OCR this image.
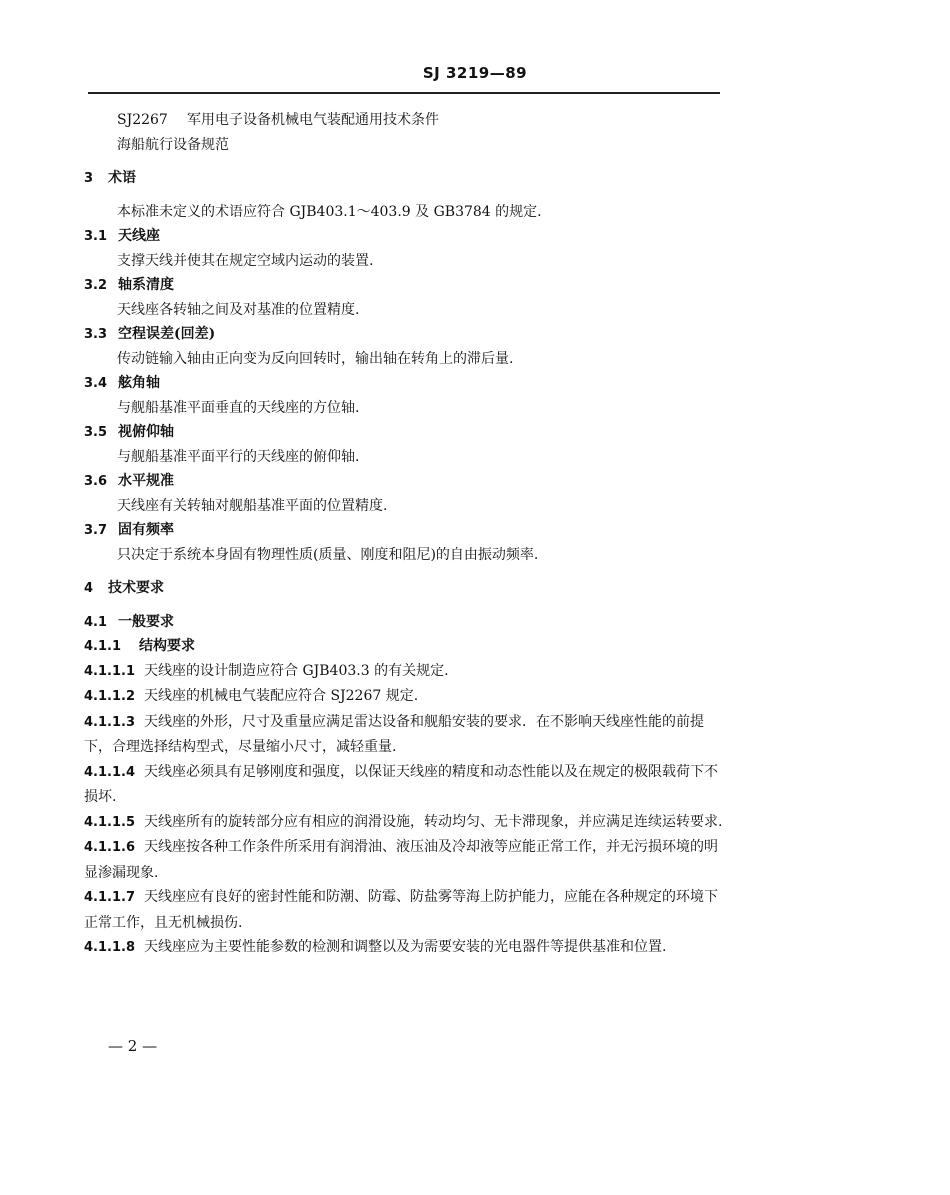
SJ 3219—89
SJ2267 军用电子设备机械电气装配通用技术条件
海船航行设备规范
3 术语
本标准未定义的术语应符合 GJB403.1～403.9 及 GB3784 的规定.
3.1 天线座
支撑天线并使其在规定空域内运动的装置.
3.2 轴系清度
天线座各转轴之间及对基准的位置精度.
3.3 空程误差(回差)
传动链输入轴由正向变为反向回转时，输出轴在转角上的滞后量.
3.4 舷角轴
与舰船基准平面垂直的天线座的方位轴.
3.5 视俯仰轴
与舰船基准平面平行的天线座的俯仰轴.
3.6 水平规准
天线座有关转轴对舰船基准平面的位置精度.
3.7 固有频率
只决定于系统本身固有物理性质(质量、刚度和阻尼)的自由振动频率.
4 技术要求
4.1 一般要求
4.1.1 结构要求
4.1.1.1 天线座的设计制造应符合 GJB403.3 的有关规定.
4.1.1.2 天线座的机械电气装配应符合 SJ2267 规定.
4.1.1.3 天线座的外形，尺寸及重量应满足雷达设备和舰船安装的要求．在不影响天线座性能的前提下，合理选择结构型式，尽量缩小尺寸，减轻重量.
4.1.1.4 天线座必须具有足够刚度和强度，以保证天线座的精度和动态性能以及在规定的极限载荷下不损坏.
4.1.1.5 天线座所有的旋转部分应有相应的润滑设施，转动均匀、无卡滞现象，并应满足连续运转要求.
4.1.1.6 天线座按各种工作条件所采用有润滑油、液压油及冷却液等应能正常工作，并无污损环境的明显渗漏现象.
4.1.1.7 天线座应有良好的密封性能和防潮、防霉、防盐雾等海上防护能力，应能在各种规定的环境下正常工作，且无机械损伤.
4.1.1.8 天线座应为主要性能参数的检测和调整以及为需要安装的光电器件等提供基准和位置.
— 2 —
